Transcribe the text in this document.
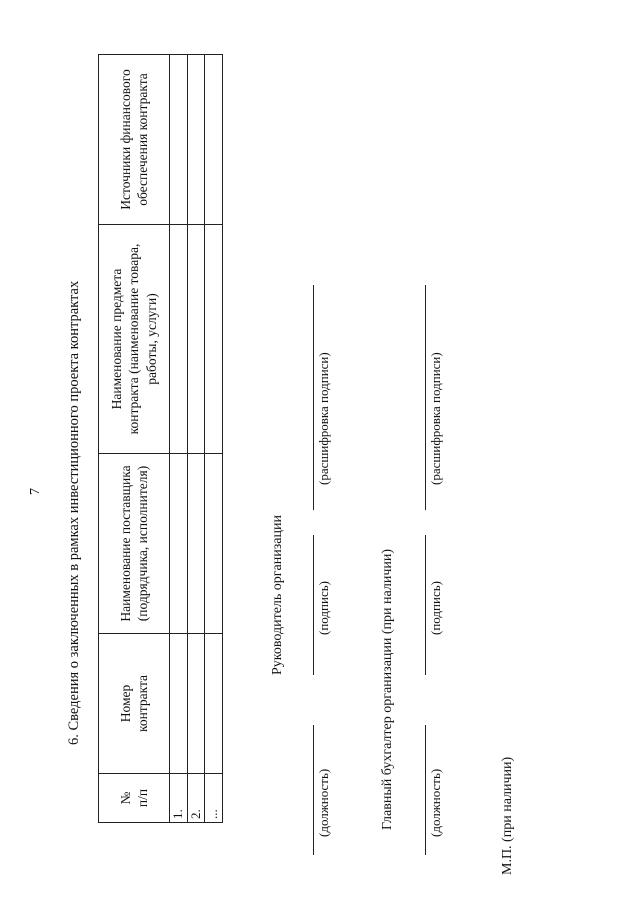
7 6. Сведения о заключенных в рамках инвестиционного проекта контрактах
№ п/п	Номер контракта	Наименование поставщика (подрядчика, исполнителя)	Наименование предмета контракта (наименование товара, работы, услуги)	Источники финансового обеспечения контракта
1.				
2.				
...				
Руководитель организации
(должность)
(подпись)
(расшифровка подписи)
Главный бухгалтер организации (при наличии)	(должность)
(подпись)
(расшифровка подписи)
М.П. (при наличии)
